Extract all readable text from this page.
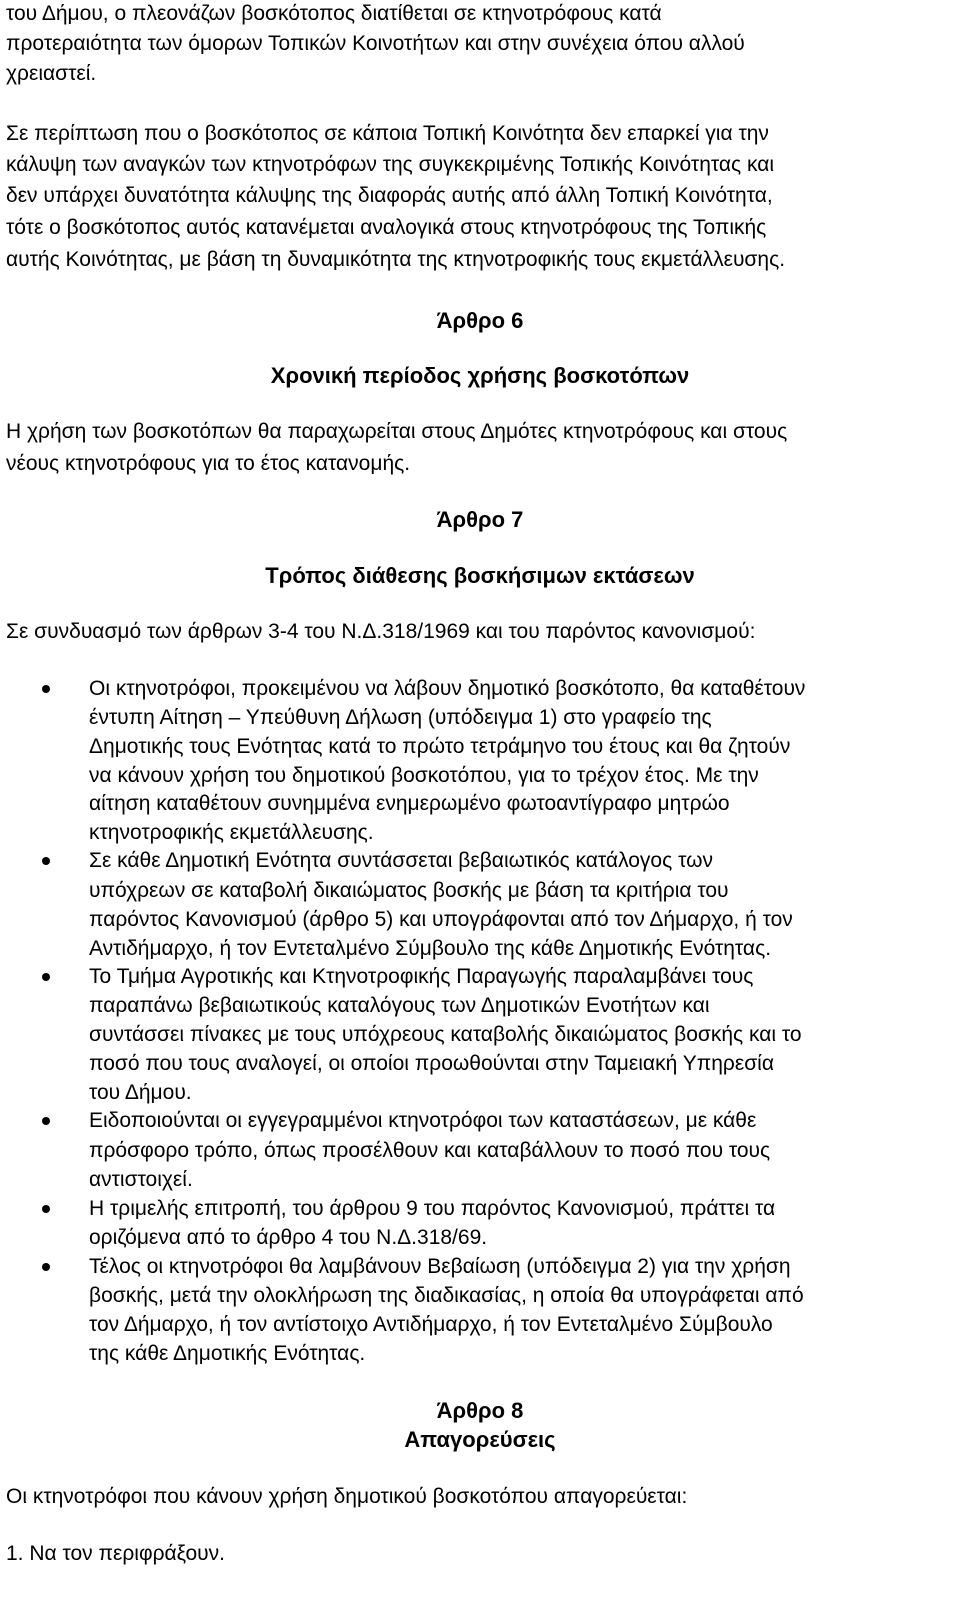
του Δήμου, ο πλεονάζων βοσκότοπος διατίθεται σε κτηνοτρόφους κατά

προτεραιότητα των όμορων Τοπικών Κοινοτήτων και στην συνέχεια όπου αλλού

χρειαστεί.

Σε περίπτωση που ο βοσκότοπος σε κάποια Τοπική Κοινότητα δεν επαρκεί για την

κάλυψη των αναγκών των κτηνοτρόφων της συγκεκριμένης Τοπικής Κοινότητας και

δεν υπάρχει δυνατότητα κάλυψης της διαφοράς αυτής από άλλη Τοπική Κοινότητα,

τότε ο βοσκότοπος αυτός κατανέμεται αναλογικά στους κτηνοτρόφους της Τοπικής

αυτής Κοινότητας, με βάση τη δυναμικότητα της κτηνοτροφικής τους εκμετάλλευσης.

Άρθρο 6

Χρονική περίοδος χρήσης βοσκοτόπων

Η χρήση των βοσκοτόπων θα παραχωρείται στους Δημότες κτηνοτρόφους και στους

νέους κτηνοτρόφους για το έτος κατανομής.

Άρθρο 7

Τρόπος διάθεσης βοσκήσιμων εκτάσεων

Σε συνδυασμό των άρθρων 3-4 του Ν.Δ.318/1969 και του παρόντος κανονισμού:

Οι κτηνοτρόφοι, προκειμένου να λάβουν δημοτικό βοσκότοπο, θα καταθέτουν

έντυπη Αίτηση – Υπεύθυνη Δήλωση (υπόδειγμα 1) στο γραφείο της

Δημοτικής τους Ενότητας κατά το πρώτο τετράμηνο του έτους και θα ζητούν

να κάνουν χρήση του δημοτικού βοσκοτόπου, για το τρέχον έτος. Με την

αίτηση καταθέτουν συνημμένα ενημερωμένο φωτοαντίγραφο μητρώο

κτηνοτροφικής εκμετάλλευσης.

Σε κάθε Δημοτική Ενότητα συντάσσεται βεβαιωτικός κατάλογος των

υπόχρεων σε καταβολή δικαιώματος βοσκής με βάση τα κριτήρια του

παρόντος Κανονισμού (άρθρο 5) και υπογράφονται από τον Δήμαρχο, ή τον

Αντιδήμαρχο, ή τον Εντεταλμένο Σύμβουλο της κάθε Δημοτικής Ενότητας.

Το Τμήμα Αγροτικής και Κτηνοτροφικής Παραγωγής παραλαμβάνει τους

παραπάνω βεβαιωτικούς καταλόγους των Δημοτικών Ενοτήτων και

συντάσσει πίνακες με τους υπόχρεους καταβολής δικαιώματος βοσκής και το

ποσό που τους αναλογεί, οι οποίοι προωθούνται στην Ταμειακή Υπηρεσία

του Δήμου.

Ειδοποιούνται οι εγγεγραμμένοι κτηνοτρόφοι των καταστάσεων, με κάθε

πρόσφορο τρόπο, όπως προσέλθουν και καταβάλλουν το ποσό που τους

αντιστοιχεί.

Η τριμελής επιτροπή, του άρθρου 9 του παρόντος Κανονισμού, πράττει τα

οριζόμενα από το άρθρο 4 του Ν.Δ.318/69.

Τέλος οι κτηνοτρόφοι θα λαμβάνουν Βεβαίωση (υπόδειγμα 2) για την χρήση

βοσκής, μετά την ολοκλήρωση της διαδικασίας, η οποία θα υπογράφεται από

τον Δήμαρχο, ή τον αντίστοιχο Αντιδήμαρχο, ή τον Εντεταλμένο Σύμβουλο

της κάθε Δημοτικής Ενότητας.

Άρθρο 8

Απαγορεύσεις

Οι κτηνοτρόφοι που κάνουν χρήση δημοτικού βοσκοτόπου απαγορεύεται:

1. Να τον περιφράξουν.
